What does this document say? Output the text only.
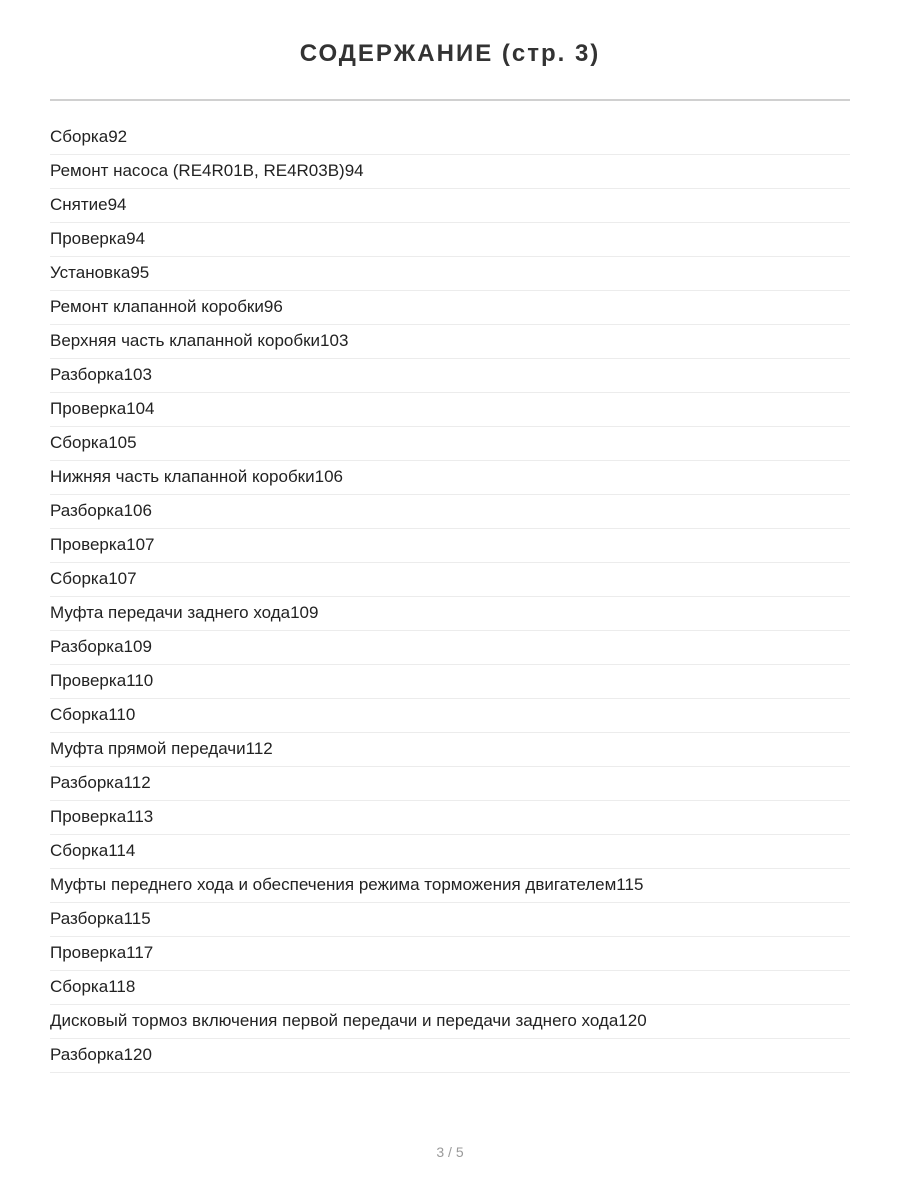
СОДЕРЖАНИЕ (стр. 3)
Сборка92
Ремонт насоса (RE4R01B, RE4R03B)94
Снятие94
Проверка94
Установка95
Ремонт клапанной коробки96
Верхняя часть клапанной коробки103
Разборка103
Проверка104
Сборка105
Нижняя часть клапанной коробки106
Разборка106
Проверка107
Сборка107
Муфта передачи заднего хода109
Разборка109
Проверка110
Сборка110
Муфта прямой передачи112
Разборка112
Проверка113
Сборка114
Муфты переднего хода и обеспечения режима торможения двигателем115
Разборка115
Проверка117
Сборка118
Дисковый тормоз включения первой передачи и передачи заднего хода120
Разборка120
3 / 5
